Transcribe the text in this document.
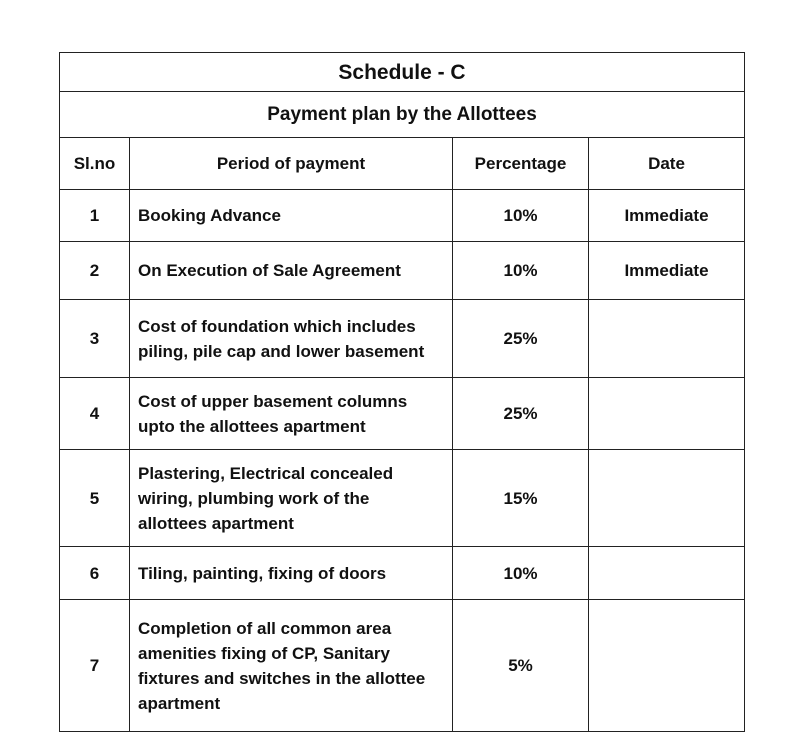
Schedule - C			
Payment plan by the Allottees			
Sl.no	Period of payment	Percentage	Date
1	Booking Advance	10%	Immediate
2	On Execution of Sale Agreement	10%	Immediate
3	Cost of foundation which includes
piling, pile cap and lower basement	25%	
4	Cost of upper basement columns
upto the allottees apartment	25%	
5	Plastering, Electrical concealed
wiring, plumbing work of the
allottees apartment	15%	
6	Tiling, painting, fixing of doors	10%	
7	Completion of all common area
amenities fixing of CP, Sanitary
fixtures and switches in the allottee
apartment	5%	
